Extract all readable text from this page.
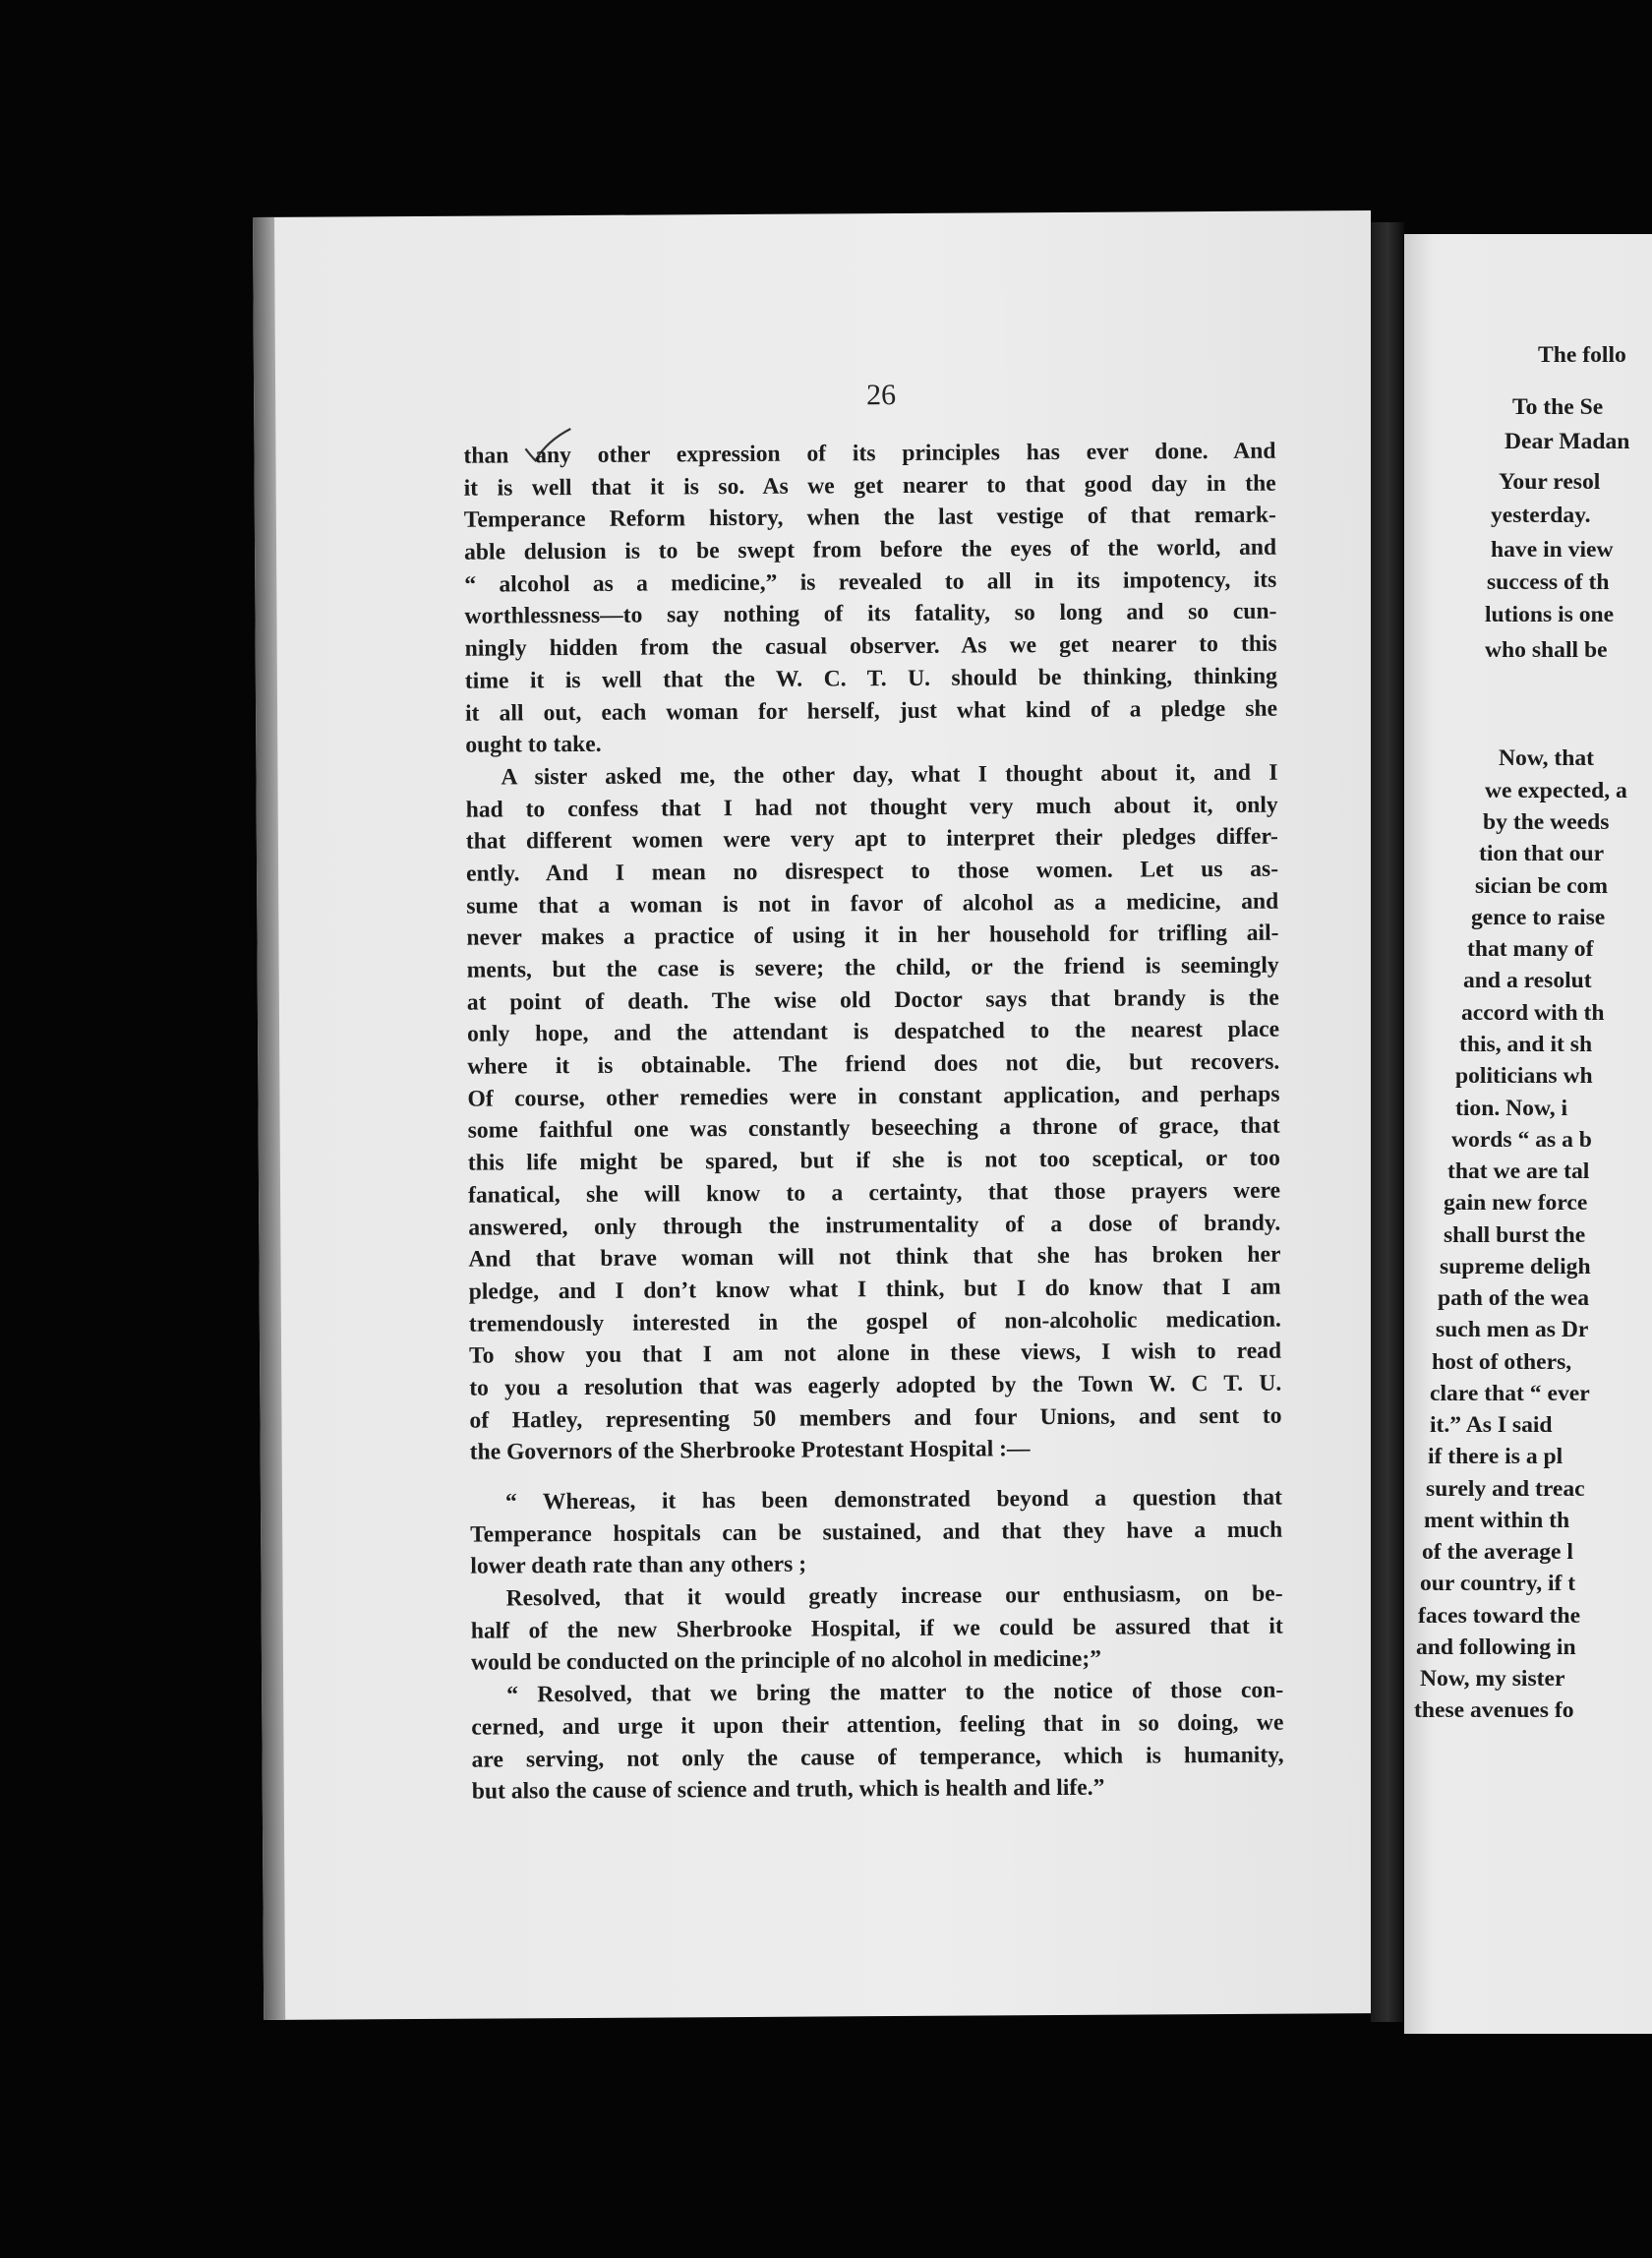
26
than any other expression of its principles has ever done. And
it is well that it is so. As we get nearer to that good day in the
Temperance Reform history, when the last vestige of that remark-
able delusion is to be swept from before the eyes of the world, and
“ alcohol as a medicine,” is revealed to all in its impotency, its
worthlessness—to say nothing of its fatality, so long and so cun-
ningly hidden from the casual observer. As we get nearer to this
time it is well that the W. C. T. U. should be thinking, thinking
it all out, each woman for herself, just what kind of a pledge she
ought to take.
A sister asked me, the other day, what I thought about it, and I
had to confess that I had not thought very much about it, only
that different women were very apt to interpret their pledges differ-
ently. And I mean no disrespect to those women. Let us as-
sume that a woman is not in favor of alcohol as a medicine, and
never makes a practice of using it in her household for trifling ail-
ments, but the case is severe; the child, or the friend is seemingly
at point of death. The wise old Doctor says that brandy is the
only hope, and the attendant is despatched to the nearest place
where it is obtainable. The friend does not die, but recovers.
Of course, other remedies were in constant application, and perhaps
some faithful one was constantly beseeching a throne of grace, that
this life might be spared, but if she is not too sceptical, or too
fanatical, she will know to a certainty, that those prayers were
answered, only through the instrumentality of a dose of brandy.
And that brave woman will not think that she has broken her
pledge, and I don’t know what I think, but I do know that I am
tremendously interested in the gospel of non-alcoholic medication.
To show you that I am not alone in these views, I wish to read
to you a resolution that was eagerly adopted by the Town W. C T. U.
of Hatley, representing 50 members and four Unions, and sent to
the Governors of the Sherbrooke Protestant Hospital :—
“ Whereas, it has been demonstrated beyond a question that
Temperance hospitals can be sustained, and that they have a much
lower death rate than any others ;
Resolved, that it would greatly increase our enthusiasm, on be-
half of the new Sherbrooke Hospital, if we could be assured that it
would be conducted on the principle of no alcohol in medicine;”
“ Resolved, that we bring the matter to the notice of those con-
cerned, and urge it upon their attention, feeling that in so doing, we
are serving, not only the cause of temperance, which is humanity,
but also the cause of science and truth, which is health and life.”
The follo
To the Se
Dear Madan
Your resol
yesterday.
have in view
success of th
lutions is one
who shall be
Now, that
we expected, a
by the weeds
tion that our
sician be com
gence to raise
that many of
and a resolut
accord with th
this, and it sh
politicians wh
tion. Now, i
words “ as a b
that we are tal
gain new force
shall burst the
supreme deligh
path of the wea
such men as Dr
host of others,
clare that “ ever
it.” As I said
if there is a pl
surely and treac
ment within th
of the average l
our country, if t
faces toward the
and following in
Now, my sister
these avenues fo
